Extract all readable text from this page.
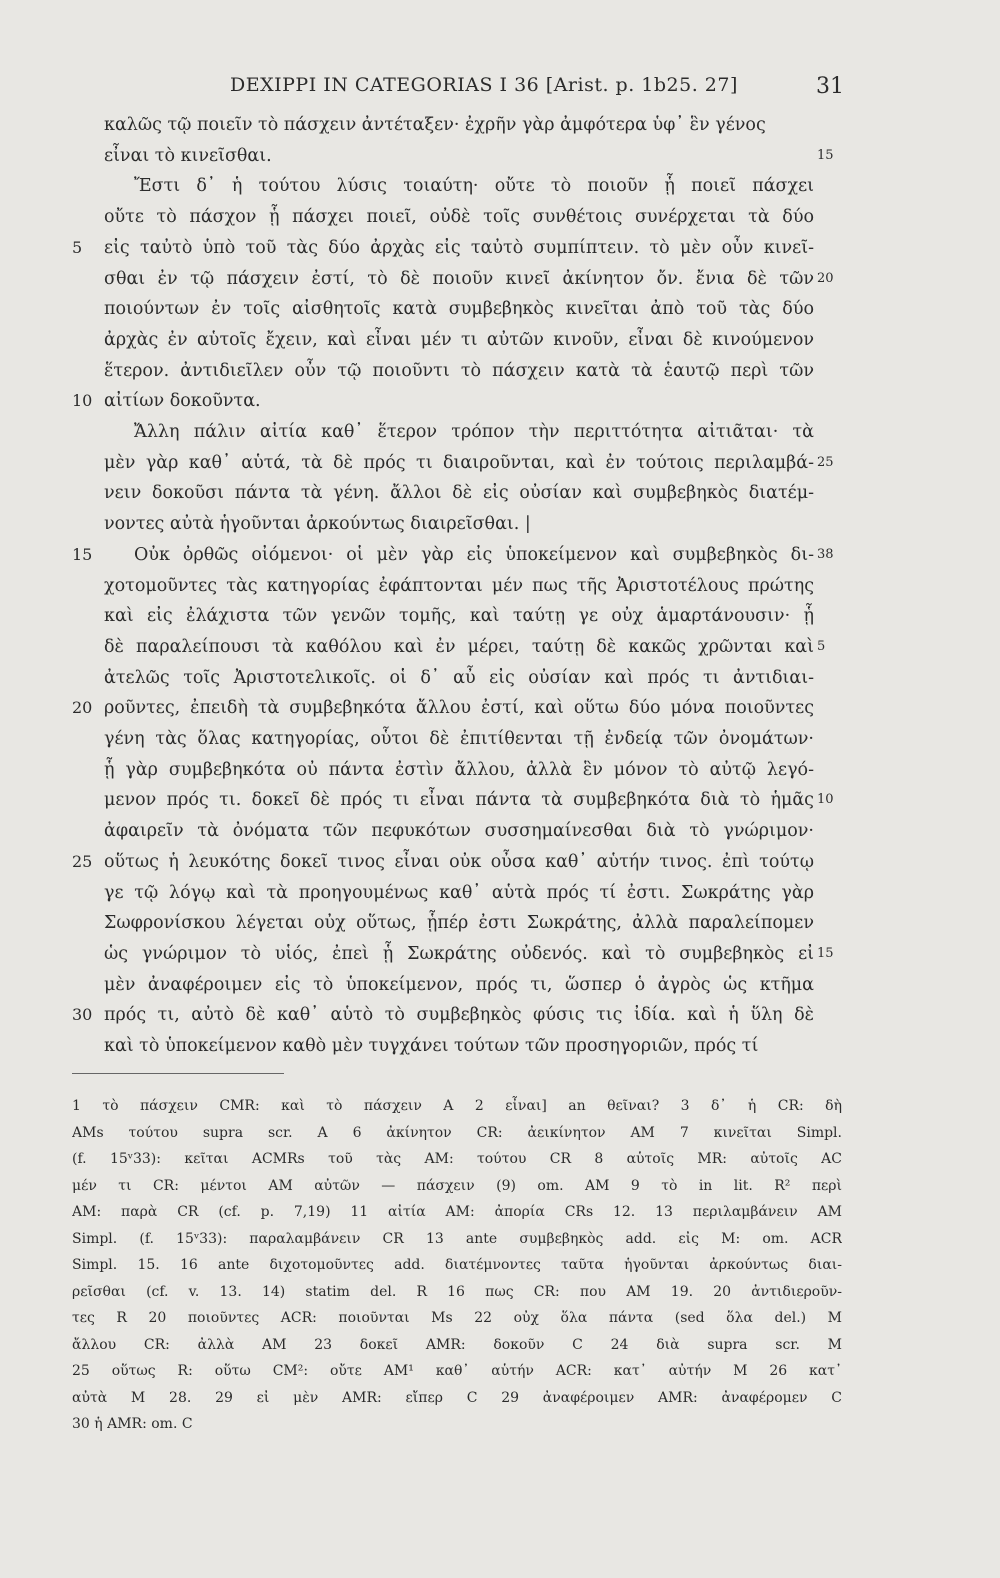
DEXIPPI IN CATEGORIAS I 36 [Arist. p. 1b25. 27]	31
καλῶς τῷ ποιεῖν τὸ πάσχειν ἀντέταξεν· ἐχρῆν γὰρ ἀμφότερα ὑφ᾽ ἓν γένος
εἶναι τὸ κινεῖσθαι.	15
Ἔστι δ᾽ ἡ τούτου λύσις τοιαύτη· οὔτε τὸ ποιοῦν ᾗ ποιεῖ πάσχει
οὔτε τὸ πάσχον ᾗ πάσχει ποιεῖ, οὐδὲ τοῖς συνθέτοις συνέρχεται τὰ δύο
εἰς ταὐτὸ ὑπὸ τοῦ τὰς δύο ἀρχὰς εἰς ταὐτὸ συμπίπτειν. τὸ μὲν οὖν κινεῖ-
5
σθαι ἐν τῷ πάσχειν ἐστί, τὸ δὲ ποιοῦν κινεῖ ἀκίνητον ὄν. ἔνια δὲ τῶν 20
ποιούντων ἐν τοῖς αἰσθητοῖς κατὰ συμβεβηκὸς κινεῖται ἀπὸ τοῦ τὰς δύο
ἀρχὰς ἐν αὑτοῖς ἔχειν, καὶ εἶναι μέν τι αὐτῶν κινοῦν, εἶναι δὲ κινούμενον
ἕτερον. ἀντιδιεῖλεν οὖν τῷ ποιοῦντι τὸ πάσχειν κατὰ τὰ ἑαυτῷ περὶ τῶν
αἰτίων δοκοῦντα.
10
Ἄλλη πάλιν αἰτία καθ᾽ ἕτερον τρόπον τὴν περιττότητα αἰτιᾶται· τὰ
μὲν γὰρ καθ᾽ αὑτά, τὰ δὲ πρός τι διαιροῦνται, καὶ ἐν τούτοις περιλαμβά- 25
νειν δοκοῦσι πάντα τὰ γένη. ἄλλοι δὲ εἰς οὐσίαν καὶ συμβεβηκὸς διατέμ-
νοντες αὐτὰ ἡγοῦνται ἀρκούντως διαιρεῖσθαι. |
Οὐκ ὀρθῶς οἰόμενοι· οἱ μὲν γὰρ εἰς ὑποκείμενον καὶ συμβεβηκὸς δι-
15	38
χοτομοῦντες τὰς κατηγορίας ἐφάπτονται μέν πως τῆς Ἀριστοτέλους πρώτης
καὶ εἰς ἐλάχιστα τῶν γενῶν τομῆς, καὶ ταύτῃ γε οὐχ ἁμαρτάνουσιν· ᾗ
δὲ παραλείπουσι τὰ καθόλου καὶ ἐν μέρει, ταύτῃ δὲ κακῶς χρῶνται καὶ 5
ἀτελῶς τοῖς Ἀριστοτελικοῖς. οἱ δ᾽ αὖ εἰς οὐσίαν καὶ πρός τι ἀντιδιαι-
ροῦντες, ἐπειδὴ τὰ συμβεβηκότα ἄλλου ἐστί, καὶ οὕτω δύο μόνα ποιοῦντες
20
γένη τὰς ὅλας κατηγορίας, οὗτοι δὲ ἐπιτίθενται τῇ ἐνδείᾳ τῶν ὀνομάτων·
ᾗ γὰρ συμβεβηκότα οὐ πάντα ἐστὶν ἄλλου, ἀλλὰ ἓν μόνον τὸ αὐτῷ λεγό-
μενον πρός τι. δοκεῖ δὲ πρός τι εἶναι πάντα τὰ συμβεβηκότα διὰ τὸ ἡμᾶς 10
ἀφαιρεῖν τὰ ὀνόματα τῶν πεφυκότων συσσημαίνεσθαι διὰ τὸ γνώριμον·
οὕτως ἡ λευκότης δοκεῖ τινος εἶναι οὐκ οὖσα καθ᾽ αὑτήν τινος. ἐπὶ τούτῳ
25
γε τῷ λόγῳ καὶ τὰ προηγουμένως καθ᾽ αὑτὰ πρός τί ἐστι. Σωκράτης γὰρ
Σωφρονίσκου λέγεται οὐχ οὕτως, ᾗπέρ ἐστι Σωκράτης, ἀλλὰ παραλείπομεν
ὡς γνώριμον τὸ υἱός, ἐπεὶ ᾗ Σωκράτης οὐδενός. καὶ τὸ συμβεβηκὸς εἰ 15
μὲν ἀναφέροιμεν εἰς τὸ ὑποκείμενον, πρός τι, ὥσπερ ὁ ἀγρὸς ὡς κτῆμα
πρός τι, αὐτὸ δὲ καθ᾽ αὑτὸ τὸ συμβεβηκὸς φύσις τις ἰδία. καὶ ἡ ὕλη δὲ
30
καὶ τὸ ὑποκείμενον καθὸ μὲν τυγχάνει τούτων τῶν προσηγοριῶν, πρός τί
1 τὸ πάσχειν CMR: καὶ τὸ πάσχειν A 2 εἶναι] an θεῖναι? 3 δ᾽ ἡ CR: δὴ
AMs τούτου supra scr. A 6 ἀκίνητον CR: ἀεικίνητον AM 7 κινεῖται Simpl.
(f. 15ᵛ33): κεῖται ACMRs τοῦ τὰς AM: τούτου CR 8 αὑτοῖς MR: αὐτοῖς AC
μέν τι CR: μέντοι AM αὐτῶν — πάσχειν (9) om. AM 9 τὸ in lit. R² περὶ
AM: παρὰ CR (cf. p. 7,19) 11 αἰτία AM: ἀπορία CRs 12. 13 περιλαμβάνειν AM
Simpl. (f. 15ᵛ33): παραλαμβάνειν CR 13 ante συμβεβηκὸς add. εἰς M: om. ACR
Simpl. 15. 16 ante διχοτομοῦντες add. διατέμνοντες ταῦτα ἡγοῦνται ἀρκούντως διαι-
ρεῖσθαι (cf. v. 13. 14) statim del. R 16 πως CR: που AM 19. 20 ἀντιδιεροῦν-
τες R 20 ποιοῦντες ACR: ποιοῦνται Ms 22 οὐχ ὅλα πάντα (sed ὅλα del.) M
ἄλλου CR: ἀλλὰ AM 23 δοκεῖ AMR: δοκοῦν C 24 διὰ supra scr. M
25 οὕτως R: οὕτω CM²: οὔτε AM¹ καθ᾽ αὑτήν ACR: κατ᾽ αὐτήν M 26 κατ᾽
αὐτὰ M 28. 29 εἰ μὲν AMR: εἴπερ C 29 ἀναφέροιμεν AMR: ἀναφέρομεν C
30 ἡ AMR: om. C
